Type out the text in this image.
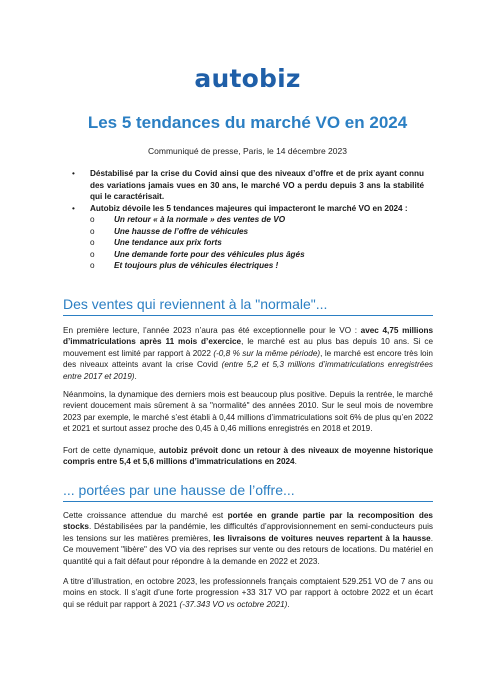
autobiz
Les 5 tendances du marché VO en 2024
Communiqué de presse, Paris, le 14 décembre 2023
• Déstabilisé par la crise du Covid ainsi que des niveaux d’offre et de prix ayant connu des variations jamais vues en 30 ans, le marché VO a perdu depuis 3 ans la stabilité qui le caractérisait.
• Autobiz dévoile les 5 tendances majeures qui impacteront le marché VO en 2024 :
o Un retour « à la normale » des ventes de VO
o Une hausse de l’offre de véhicules
o Une tendance aux prix forts
o Une demande forte pour des véhicules plus âgés
o Et toujours plus de véhicules électriques !
Des ventes qui reviennent à la "normale"...

En première lecture, l’année 2023 n’aura pas été exceptionnelle pour le VO : avec 4,75 millions d’immatriculations après 11 mois d’exercice, le marché est au plus bas depuis 10 ans. Si ce mouvement est limité par rapport à 2022 (-0,8 % sur la même période), le marché est encore très loin des niveaux atteints avant la crise Covid (entre 5,2 et 5,3 millions d’immatriculations enregistrées entre 2017 et 2019).

Néanmoins, la dynamique des derniers mois est beaucoup plus positive. Depuis la rentrée, le marché revient doucement mais sûrement à sa "normalité" des années 2010. Sur le seul mois de novembre 2023 par exemple, le marché s’est établi à 0,44 millions d’immatriculations soit 6% de plus qu’en 2022 et 2021 et surtout assez proche des 0,45 à 0,46 millions enregistrés en 2018 et 2019.

Fort de cette dynamique, autobiz prévoit donc un retour à des niveaux de moyenne historique compris entre 5,4 et 5,6 millions d’immatriculations en 2024.

... portées par une hausse de l’offre...

Cette croissance attendue du marché est portée en grande partie par la recomposition des stocks. Déstabilisées par la pandémie, les difficultés d’approvisionnement en semi-conducteurs puis les tensions sur les matières premières, les livraisons de voitures neuves repartent à la hausse. Ce mouvement "libère" des VO via des reprises sur vente ou des retours de locations. Du matériel en quantité qui a fait défaut pour répondre à la demande en 2022 et 2023.

A titre d’illustration, en octobre 2023, les professionnels français comptaient 529.251 VO de 7 ans ou moins en stock. Il s’agit d’une forte progression +33 317 VO par rapport à octobre 2022 et un écart qui se réduit par rapport à 2021 (-37.343 VO vs octobre 2021).
